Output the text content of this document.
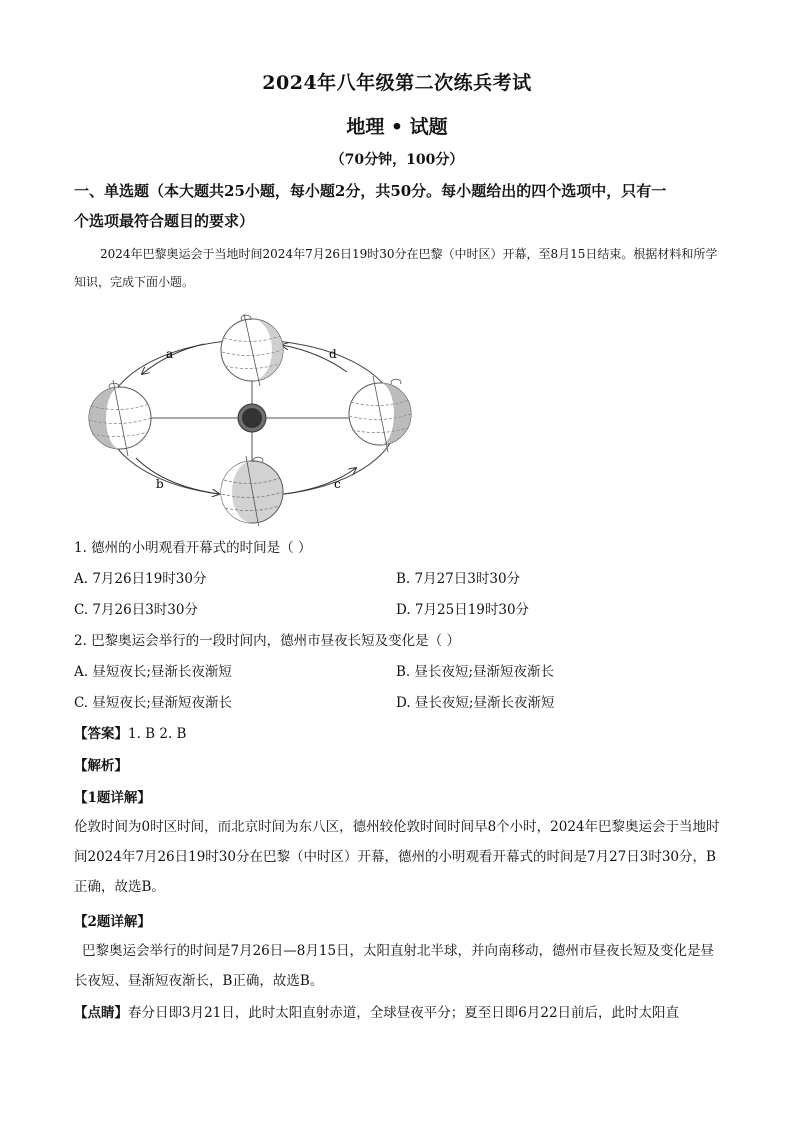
2024年八年级第二次练兵考试
地理 • 试题
（70分钟，100分）
一、单选题（本大题共25小题，每小题2分，共50分。每小题给出的四个选项中，只有一
个选项最符合题目的要求）
2024年巴黎奥运会于当地时间2024年7月26日19时30分在巴黎（中时区）开幕，至8月15日结束。根据材料和所学知识，完成下面小题。
a	d
b	c
1. 德州的小明观看开幕式的时间是（ ）
A. 7月26日19时30分	B. 7月27日3时30分
C. 7月26日3时30分	D. 7月25日19时30分
2. 巴黎奥运会举行的一段时间内，德州市昼夜长短及变化是（ ）
A. 昼短夜长;昼渐长夜渐短	B. 昼长夜短;昼渐短夜渐长
C. 昼短夜长;昼渐短夜渐长	D. 昼长夜短;昼渐长夜渐短
【答案】1. B 2. B
【解析】
【1题详解】
伦敦时间为0时区时间，而北京时间为东八区，德州较伦敦时间时间早8个小时，2024年巴黎奥运会于当地时间2024年7月26日19时30分在巴黎（中时区）开幕，德州的小明观看开幕式的时间是7月27日3时30分，B正确，故选B。
【2题详解】
巴黎奥运会举行的时间是7月26日—8月15日，太阳直射北半球，并向南移动，德州市昼夜长短及变化是昼长夜短、昼渐短夜渐长，B正确，故选B。
【点睛】春分日即3月21日，此时太阳直射赤道，全球昼夜平分；夏至日即6月22日前后，此时太阳直
